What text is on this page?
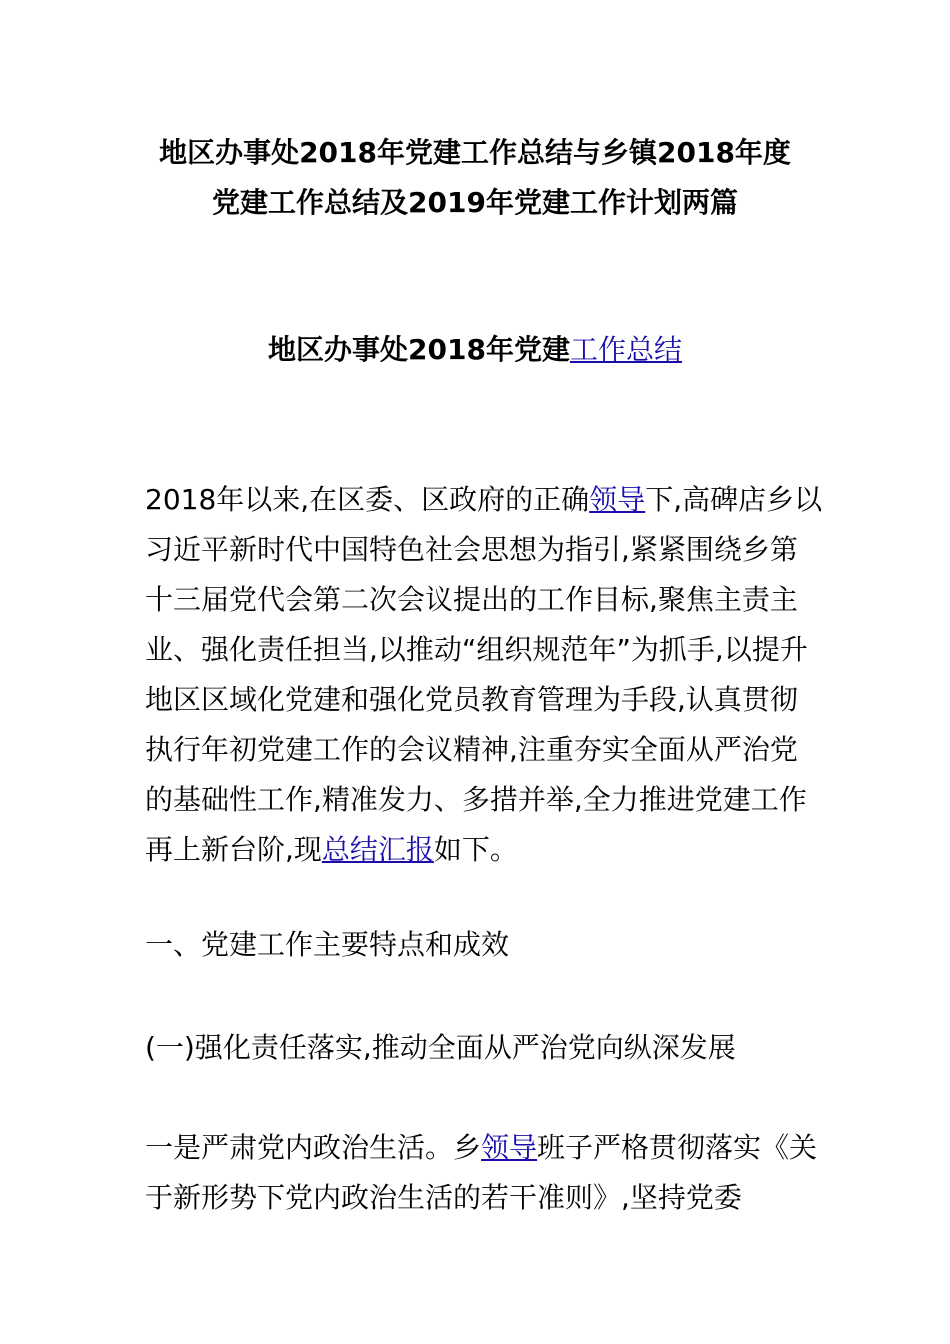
地区办事处2018年党建工作总结与乡镇2018年度
党建工作总结及2019年党建工作计划两篇
地区办事处2018年党建工作总结

2018年以来,在区委、区政府的正确领导下,高碑店乡以习近平新时代中国特色社会思想为指引,紧紧围绕乡第十三届党代会第二次会议提出的工作目标,聚焦主责主业、强化责任担当,以推动“组织规范年”为抓手,以提升地区区域化党建和强化党员教育管理为手段,认真贯彻执行年初党建工作的会议精神,注重夯实全面从严治党的基础性工作,精准发力、多措并举,全力推进党建工作再上新台阶,现总结汇报如下。

一、党建工作主要特点和成效

(一)强化责任落实,推动全面从严治党向纵深发展

一是严肃党内政治生活。乡领导班子严格贯彻落实《关于新形势下党内政治生活的若干准则》,坚持党委
